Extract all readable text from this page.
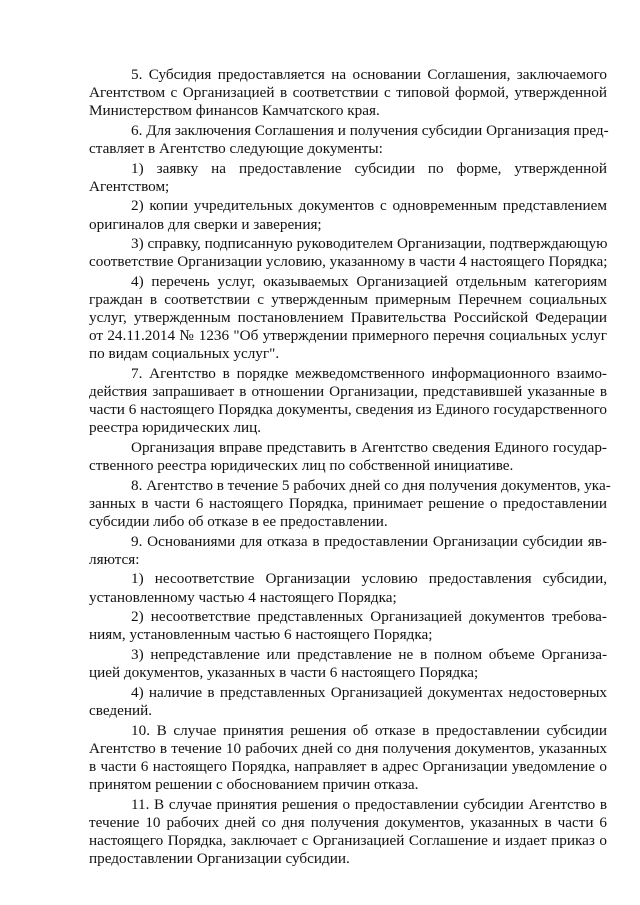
5. Субсидия предоставляется на основании Соглашения, заключаемого
Агентством с Организацией в соответствии с типовой формой, утвержденной
Министерством финансов Камчатского края.
6. Для заключения Соглашения и получения субсидии Организация пред-
ставляет в Агентство следующие документы:
1) заявку на предоставление субсидии по форме, утвержденной
Агентством;
2) копии учредительных документов с одновременным представлением
оригиналов для сверки и заверения;
3) справку, подписанную руководителем Организации, подтверждающую
соответствие Организации условию, указанному в части 4 настоящего Порядка;
4) перечень услуг, оказываемых Организацией отдельным категориям
граждан в соответствии с утвержденным примерным Перечнем социальных
услуг, утвержденным постановлением Правительства Российской Федерации
от 24.11.2014 № 1236 "Об утверждении примерного перечня социальных услуг
по видам социальных услуг".
7. Агентство в порядке межведомственного информационного взаимо-
действия запрашивает в отношении Организации, представившей указанные в
части 6 настоящего Порядка документы, сведения из Единого государственного
реестра юридических лиц.
Организация вправе представить в Агентство сведения Единого государ-
ственного реестра юридических лиц по собственной инициативе.
8. Агентство в течение 5 рабочих дней со дня получения документов, ука-
занных в части 6 настоящего Порядка, принимает решение о предоставлении
субсидии либо об отказе в ее предоставлении.
9. Основаниями для отказа в предоставлении Организации субсидии яв-
ляются:
1) несоответствие Организации условию предоставления субсидии,
установленному частью 4 настоящего Порядка;
2) несоответствие представленных Организацией документов требова-
ниям, установленным частью 6 настоящего Порядка;
3) непредставление или представление не в полном объеме Организа-
цией документов, указанных в части 6 настоящего Порядка;
4) наличие в представленных Организацией документах недостоверных
сведений.
10. В случае принятия решения об отказе в предоставлении субсидии
Агентство в течение 10 рабочих дней со дня получения документов, указанных
в части 6 настоящего Порядка, направляет в адрес Организации уведомление о
принятом решении с обоснованием причин отказа.
11. В случае принятия решения о предоставлении субсидии Агентство в
течение 10 рабочих дней со дня получения документов, указанных в части 6
настоящего Порядка, заключает с Организацией Соглашение и издает приказ о
предоставлении Организации субсидии.
